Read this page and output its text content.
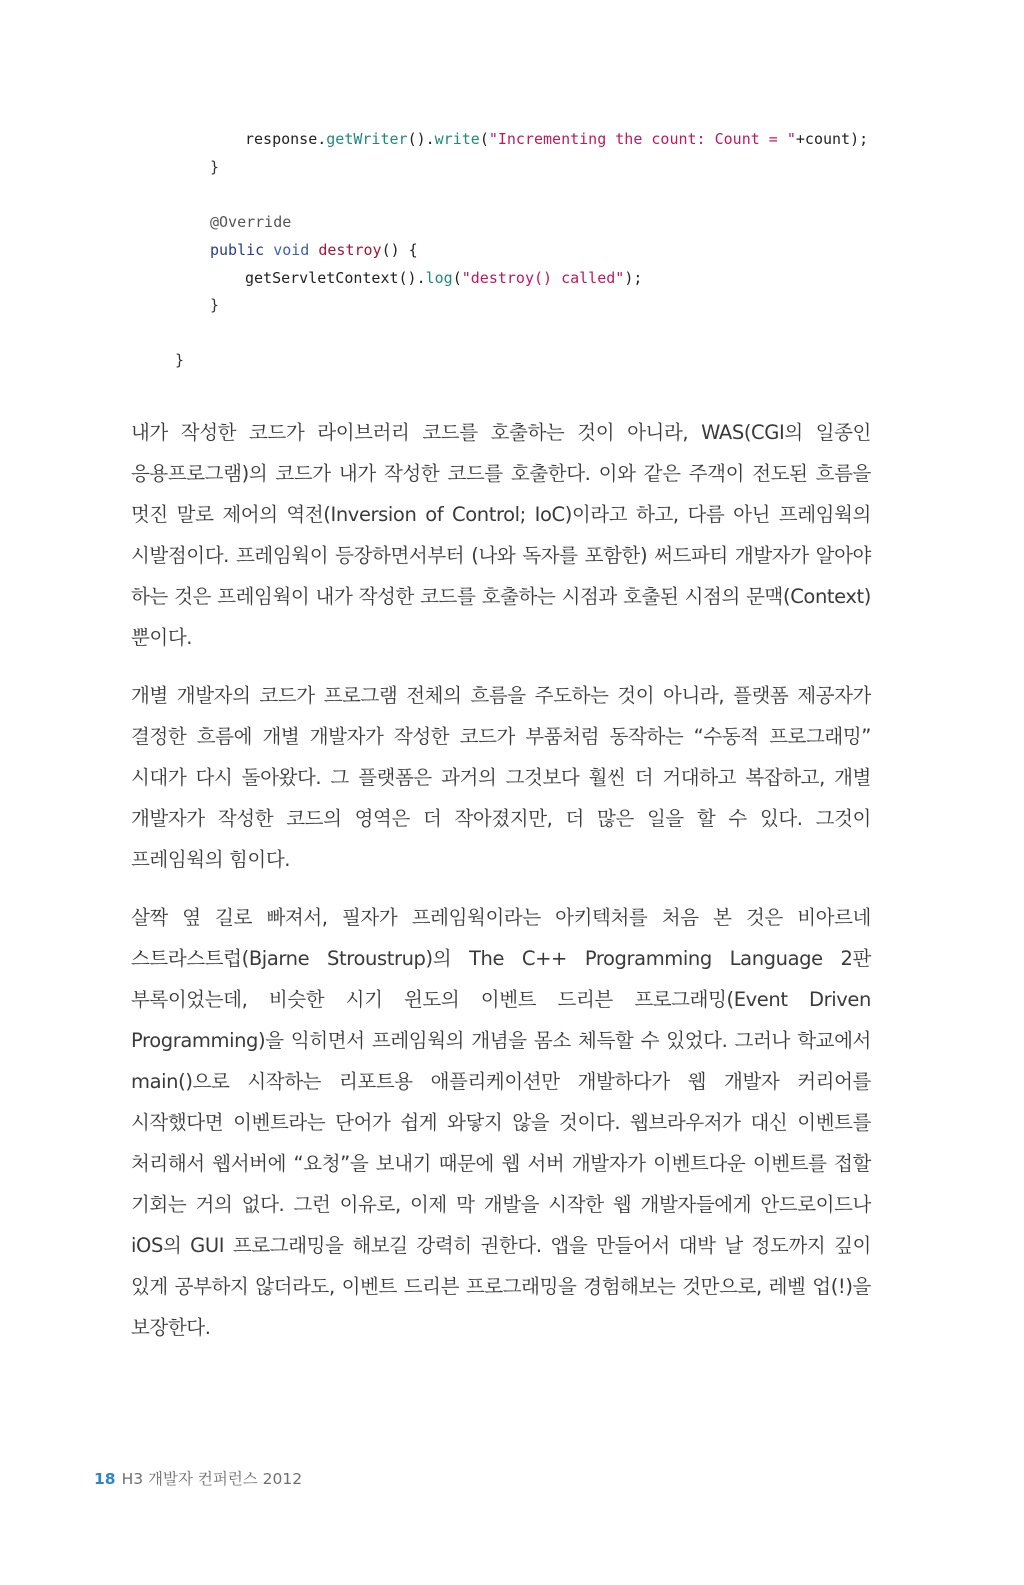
response.getWriter().write("Incrementing the count: Count = "+count);
}
@Override
public void destroy() {
getServletContext().log("destroy() called");
}
}

내가 작성한 코드가 라이브러리 코드를 호출하는 것이 아니라, WAS(CGI의 일종인 응용프로그램)의 코드가 내가 작성한 코드를 호출한다. 이와 같은 주객이 전도된 흐름을 멋진 말로 제어의 역전(Inversion of Control; IoC)이라고 하고, 다름 아닌 프레임웍의 시발점이다. 프레임웍이 등장하면서부터 (나와 독자를 포함한) 써드파티 개발자가 알아야 하는 것은 프레임웍이 내가 작성한 코드를 호출하는 시점과 호출된 시점의 문맥(Context)뿐이다.

개별 개발자의 코드가 프로그램 전체의 흐름을 주도하는 것이 아니라, 플랫폼 제공자가 결정한 흐름에 개별 개발자가 작성한 코드가 부품처럼 동작하는 “수동적 프로그래밍” 시대가 다시 돌아왔다. 그 플랫폼은 과거의 그것보다 훨씬 더 거대하고 복잡하고, 개별 개발자가 작성한 코드의 영역은 더 작아졌지만, 더 많은 일을 할 수 있다. 그것이 프레임웍의 힘이다.

살짝 옆 길로 빠져서, 필자가 프레임웍이라는 아키텍처를 처음 본 것은 비아르네 스트라스트럽(Bjarne Stroustrup)의 The C++ Programming Language 2판 부록이었는데, 비슷한 시기 윈도의 이벤트 드리븐 프로그래밍(Event Driven Programming)을 익히면서 프레임웍의 개념을 몸소 체득할 수 있었다. 그러나 학교에서 main()으로 시작하는 리포트용 애플리케이션만 개발하다가 웹 개발자 커리어를 시작했다면 이벤트라는 단어가 쉽게 와닿지 않을 것이다. 웹브라우저가 대신 이벤트를 처리해서 웹서버에 “요청”을 보내기 때문에 웹 서버 개발자가 이벤트다운 이벤트를 접할 기회는 거의 없다. 그런 이유로, 이제 막 개발을 시작한 웹 개발자들에게 안드로이드나 iOS의 GUI 프로그래밍을 해보길 강력히 권한다. 앱을 만들어서 대박 날 정도까지 깊이 있게 공부하지 않더라도, 이벤트 드리븐 프로그래밍을 경험해보는 것만으로, 레벨 업(!)을 보장한다.

18 H3 개발자 컨퍼런스 2012
